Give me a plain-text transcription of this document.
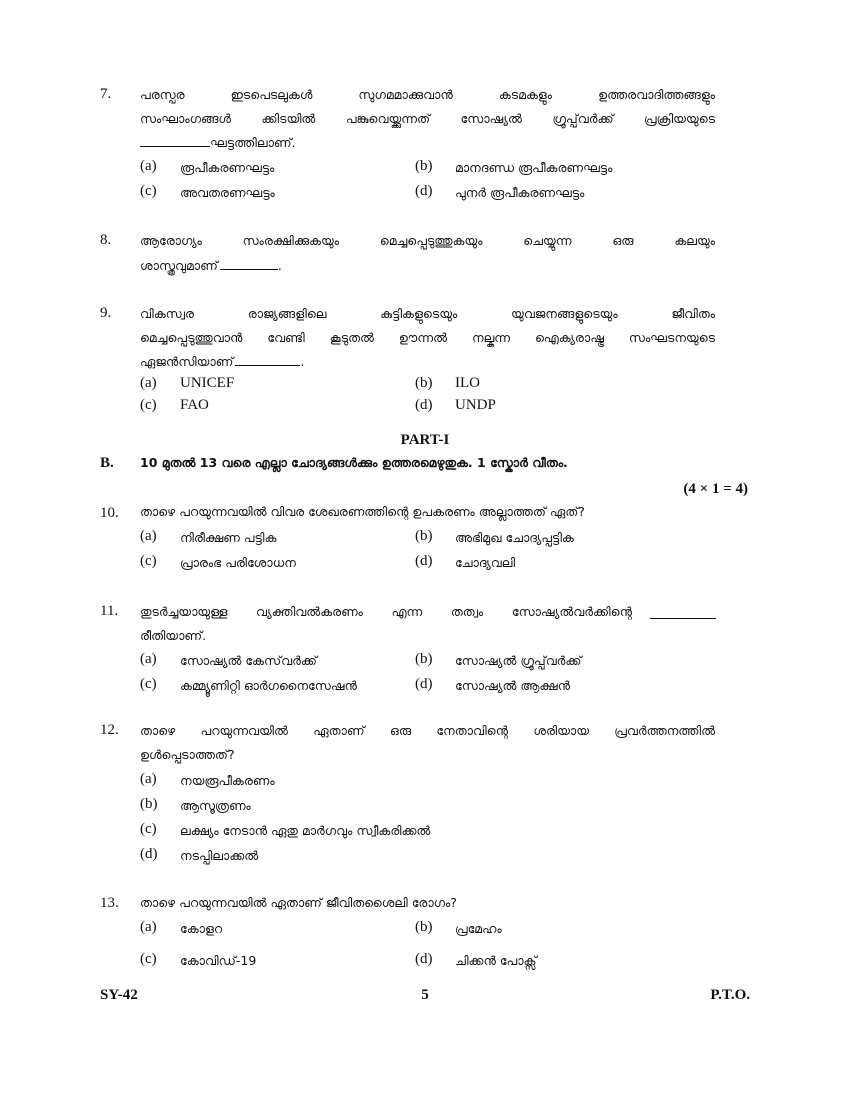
7. പരസ്പര ഇടപെടലുകൾ സുഗമമാക്കുവാൻ കടമകളും ഉത്തരവാദിത്തങ്ങളും
സംഘാംഗങ്ങൾ ക്കിടയിൽ പങ്കുവെയ്ക്കുന്നത് സോഷ്യൽ ഗ്രൂപ്പ്‌വർക്ക് പ്രക്രിയയുടെ
ഘട്ടത്തിലാണ്.
(a) രൂപീകരണഘട്ടം	(b) മാനദണ്ഡ രൂപീകരണഘട്ടം
(c) അവതരണഘട്ടം	(d) പുനർ രൂപീകരണഘട്ടം
8. ആരോഗ്യം സംരക്ഷിക്കുകയും മെച്ചപ്പെടുത്തുകയും ചെയ്യുന്ന ഒരു കലയും
ശാസ്ത്രവുമാണ്	.
9. വികസ്വര രാജ്യങ്ങളിലെ കുട്ടികളുടെയും യുവജനങ്ങളുടെയും ജീവിതം
മെച്ചപ്പെടുത്തുവാൻ വേണ്ടി കൂടുതൽ ഊന്നൽ നല്കുന്ന ഐക്യരാഷ്ട്ര സംഘടനയുടെ
ഏജൻസിയാണ്	.
(a) UNICEF	(b) ILO
(c) FAO	(d) UNDP
PART-I
B. 10 മുതൽ 13 വരെ എല്ലാ ചോദ്യങ്ങൾക്കും ഉത്തരമെഴുതുക. 1 സ്കോർ വീതം.
(4 × 1 = 4)
10. താഴെ പറയുന്നവയിൽ വിവര ശേഖരണത്തിന്റെ ഉപകരണം അല്ലാത്തത് ഏത്?
(a) നിരീക്ഷണ പട്ടിക	(b) അഭിമുഖ ചോദ്യപ്പട്ടിക
(c) പ്രാരംഭ പരിശോധന	(d) ചോദ്യവലി
11. തുടർച്ചയായുള്ള വ്യക്തിവൽകരണം എന്ന തത്വം സോഷ്യൽവർക്കിന്റെ
രീതിയാണ്.
(a) സോഷ്യൽ കേസ്‌വർക്ക്	(b) സോഷ്യൽ ഗ്രൂപ്പ്‌വർക്ക്
(c) കമ്മ്യൂണിറ്റി ഓർഗനൈസേഷൻ	(d) സോഷ്യൽ ആക്ഷൻ
12. താഴെ പറയുന്നവയിൽ ഏതാണ് ഒരു നേതാവിന്റെ ശരിയായ പ്രവർത്തനത്തിൽ
ഉൾപ്പെടാത്തത്?
(a) നയരൂപീകരണം
(b) ആസൂത്രണം
(c) ലക്ഷ്യം നേടാൻ ഏതു മാർഗവും സ്വീകരിക്കൽ
(d) നടപ്പിലാക്കൽ
13. താഴെ പറയുന്നവയിൽ ഏതാണ് ജീവിതശൈലി രോഗം?
(a) കോളറ	(b) പ്രമേഹം
(c) കോവിഡ്-19	(d) ചിക്കൻ പോക്സ്
SY-42	5	P.T.O.
